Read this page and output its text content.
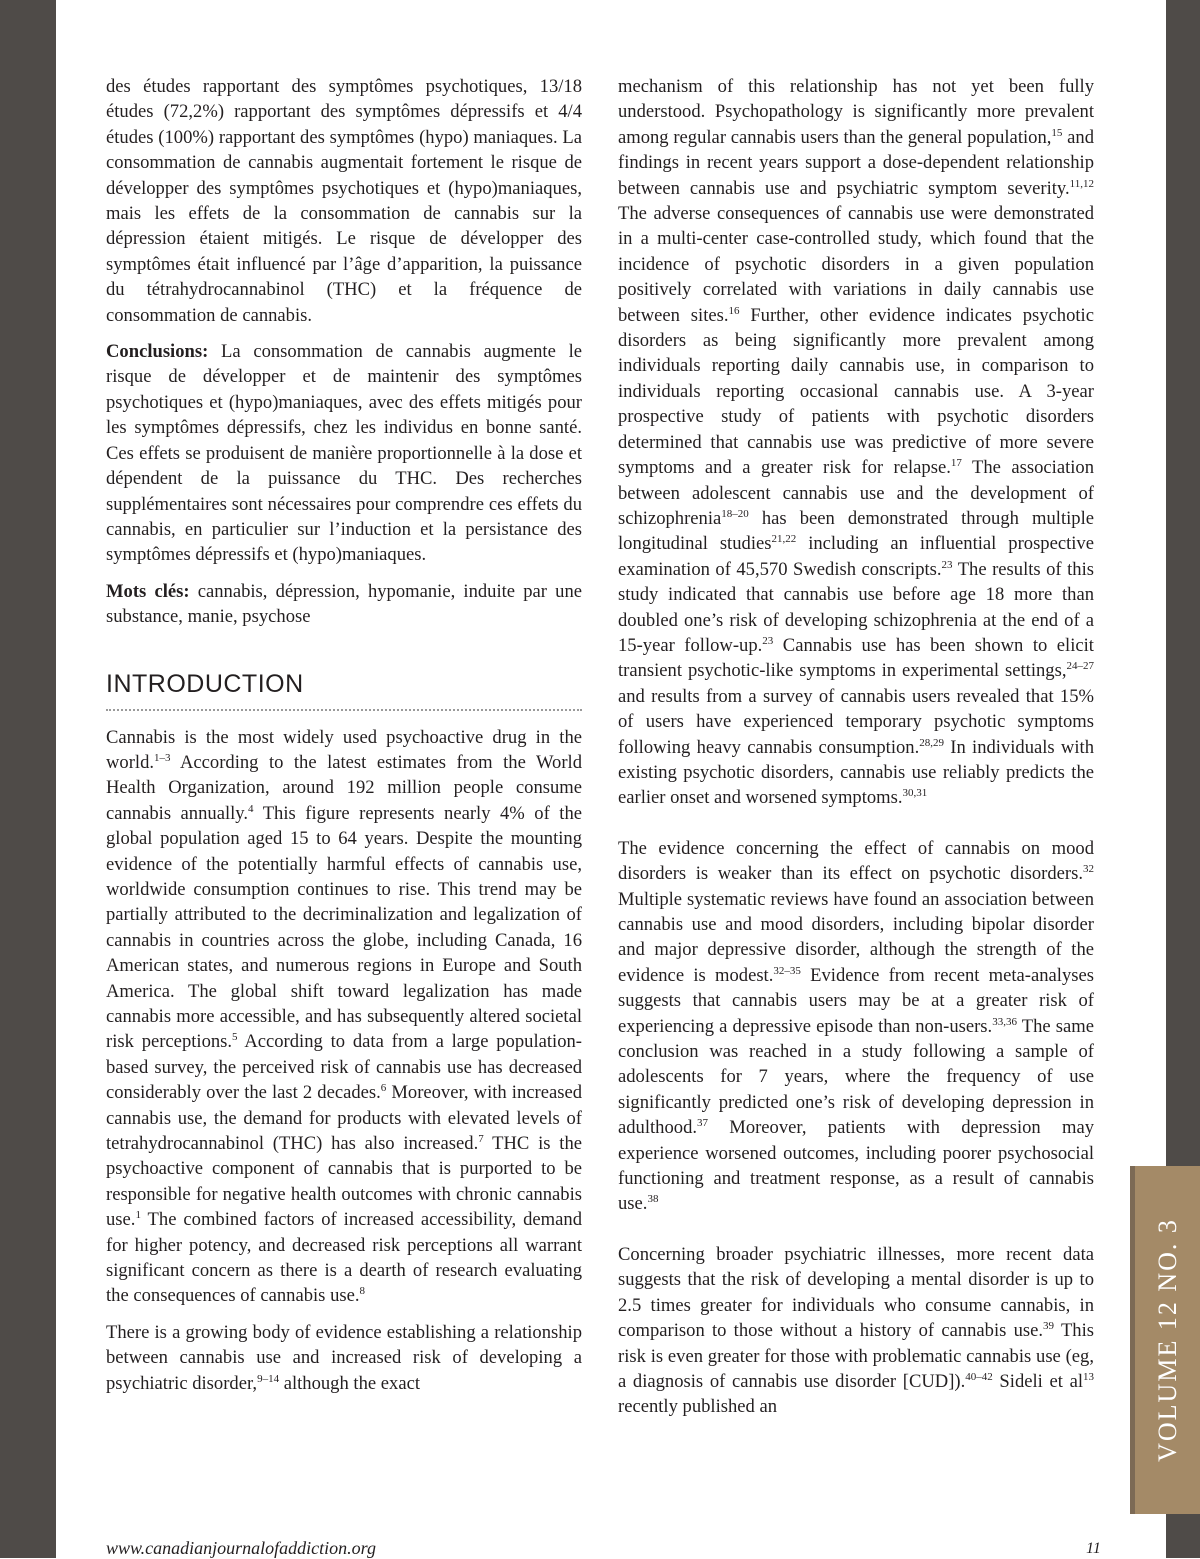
VOLUME 12 NO. 3

des études rapportant des symptômes psychotiques, 13/18 études (72,2%) rapportant des symptômes dépressifs et 4/4 études (100%) rapportant des symptômes (hypo) maniaques. La consommation de cannabis augmentait fortement le risque de développer des symptômes psychotiques et (hypo)maniaques, mais les effets de la consommation de cannabis sur la dépression étaient mitigés. Le risque de développer des symptômes était influencé par l’âge d’apparition, la puissance du tétrahydrocannabinol (THC) et la fréquence de consommation de cannabis.

Conclusions: La consommation de cannabis augmente le risque de développer et de maintenir des symptômes psychotiques et (hypo)maniaques, avec des effets mitigés pour les symptômes dépressifs, chez les individus en bonne santé. Ces effets se produisent de manière proportionnelle à la dose et dépendent de la puissance du THC. Des recherches supplémentaires sont nécessaires pour comprendre ces effets du cannabis, en particulier sur l’induction et la persistance des symptômes dépressifs et (hypo)maniaques.

Mots clés: cannabis, dépression, hypomanie, induite par une substance, manie, psychose

INTRODUCTION

Cannabis is the most widely used psychoactive drug in the world.$^{1-3}$ According to the latest estimates from the World Health Organization, around 192 million people consume cannabis annually.$^4$ This figure represents nearly 4% of the global population aged 15 to 64 years. Despite the mounting evidence of the potentially harmful effects of cannabis use, worldwide consumption continues to rise. This trend may be partially attributed to the decriminalization and legalization of cannabis in countries across the globe, including Canada, 16 American states, and numerous regions in Europe and South America. The global shift toward legalization has made cannabis more accessible, and has subsequently altered societal risk perceptions.$^5$ According to data from a large population-based survey, the perceived risk of cannabis use has decreased considerably over the last 2 decades.$^6$ Moreover, with increased cannabis use, the demand for products with elevated levels of tetrahydrocannabinol (THC) has also increased.$^7$ THC is the psychoactive component of cannabis that is purported to be responsible for negative health outcomes with chronic cannabis use.$^1$ The combined factors of increased accessibility, demand for higher potency, and decreased risk perceptions all warrant significant concern as there is a dearth of research evaluating the consequences of cannabis use.$^8$

There is a growing body of evidence establishing a relationship between cannabis use and increased risk of developing a psychiatric disorder,$^{9-14}$ although the exact

mechanism of this relationship has not yet been fully understood. Psychopathology is significantly more prevalent among regular cannabis users than the general population,$^{15}$ and findings in recent years support a dose-dependent relationship between cannabis use and psychiatric symptom severity.$^{11,12}$ The adverse consequences of cannabis use were demonstrated in a multi-center case-controlled study, which found that the incidence of psychotic disorders in a given population positively correlated with variations in daily cannabis use between sites.$^{16}$ Further, other evidence indicates psychotic disorders as being significantly more prevalent among individuals reporting daily cannabis use, in comparison to individuals reporting occasional cannabis use. A 3-year prospective study of patients with psychotic disorders determined that cannabis use was predictive of more severe symptoms and a greater risk for relapse.$^{17}$ The association between adolescent cannabis use and the development of schizophrenia$^{18-20}$ has been demonstrated through multiple longitudinal studies$^{21,22}$ including an influential prospective examination of 45,570 Swedish conscripts.$^{23}$ The results of this study indicated that cannabis use before age 18 more than doubled one’s risk of developing schizophrenia at the end of a 15-year follow-up.$^{23}$ Cannabis use has been shown to elicit transient psychotic-like symptoms in experimental settings,$^{24-27}$ and results from a survey of cannabis users revealed that 15% of users have experienced temporary psychotic symptoms following heavy cannabis consumption.$^{28,29}$ In individuals with existing psychotic disorders, cannabis use reliably predicts the earlier onset and worsened symptoms.$^{30,31}$

The evidence concerning the effect of cannabis on mood disorders is weaker than its effect on psychotic disorders.$^{32}$ Multiple systematic reviews have found an association between cannabis use and mood disorders, including bipolar disorder and major depressive disorder, although the strength of the evidence is modest.$^{32-35}$ Evidence from recent meta-analyses suggests that cannabis users may be at a greater risk of experiencing a depressive episode than non-users.$^{33,36}$ The same conclusion was reached in a study following a sample of adolescents for 7 years, where the frequency of use significantly predicted one’s risk of developing depression in adulthood.$^{37}$ Moreover, patients with depression may experience worsened outcomes, including poorer psychosocial functioning and treatment response, as a result of cannabis use.$^{38}$

Concerning broader psychiatric illnesses, more recent data suggests that the risk of developing a mental disorder is up to 2.5 times greater for individuals who consume cannabis, in comparison to those without a history of cannabis use.$^{39}$ This risk is even greater for those with problematic cannabis use (eg, a diagnosis of cannabis use disorder [CUD]).$^{40-42}$ Sideli et $al^{13}$ recently published an

www.canadianjournalofaddiction.org	11
